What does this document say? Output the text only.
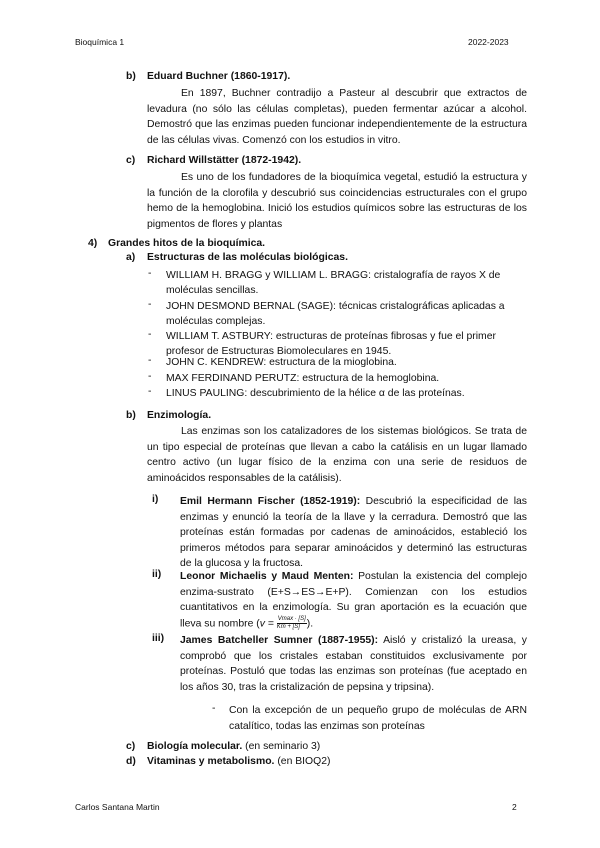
Bioquímica 1	2022-2023
b) Eduard Buchner (1860-1917).
En 1897, Buchner contradijo a Pasteur al descubrir que extractos de levadura (no sólo las células completas), pueden fermentar azúcar a alcohol. Demostró que las enzimas pueden funcionar independientemente de la estructura de las células vivas. Comenzó con los estudios in vitro.
c) Richard Willstätter (1872-1942).
Es uno de los fundadores de la bioquímica vegetal, estudió la estructura y la función de la clorofila y descubrió sus coincidencias estructurales con el grupo hemo de la hemoglobina. Inició los estudios químicos sobre las estructuras de los pigmentos de flores y plantas
4) Grandes hitos de la bioquímica.
a) Estructuras de las moléculas biológicas.
- WILLIAM H. BRAGG y WILLIAM L. BRAGG: cristalografía de rayos X de moléculas sencillas.
- JOHN DESMOND BERNAL (SAGE): técnicas cristalográficas aplicadas a moléculas complejas.
- WILLIAM T. ASTBURY: estructuras de proteínas fibrosas y fue el primer profesor de Estructuras Biomoleculares en 1945.
- JOHN C. KENDREW: estructura de la mioglobina.
- MAX FERDINAND PERUTZ: estructura de la hemoglobina.
- LINUS PAULING: descubrimiento de la hélice α de las proteínas.
b) Enzimología.
Las enzimas son los catalizadores de los sistemas biológicos. Se trata de un tipo especial de proteínas que llevan a cabo la catálisis en un lugar llamado centro activo (un lugar físico de la enzima con una serie de residuos de aminoácidos responsables de la catálisis).
i) Emil Hermann Fischer (1852-1919): Descubrió la especificidad de las enzimas y enunció la teoría de la llave y la cerradura. Demostró que las proteínas están formadas por cadenas de aminoácidos, estableció los primeros métodos para separar aminoácidos y determinó las estructuras de la glucosa y la fructosa.
ii) Leonor Michaelis y Maud Menten: Postulan la existencia del complejo enzima-sustrato (E+S→ES→E+P). Comienzan con los estudios cuantitativos en la enzimología. Su gran aportación es la ecuación que lleva su nombre ($v = \frac{Vmax \cdot [S]}{Km + [S]}$ ).
iii) James Batcheller Sumner (1887-1955): Aisló y cristalizó la ureasa, y comprobó que los cristales estaban constituidos exclusivamente por proteínas. Postuló que todas las enzimas son proteínas (fue aceptado en los años 30, tras la cristalización de pepsina y tripsina).
- Con la excepción de un pequeño grupo de moléculas de ARN catalítico, todas las enzimas son proteínas
c) Biología molecular. (en seminario 3)
d) Vitaminas y metabolismo. (en BIOQ2)
Carlos Santana Martin	2
